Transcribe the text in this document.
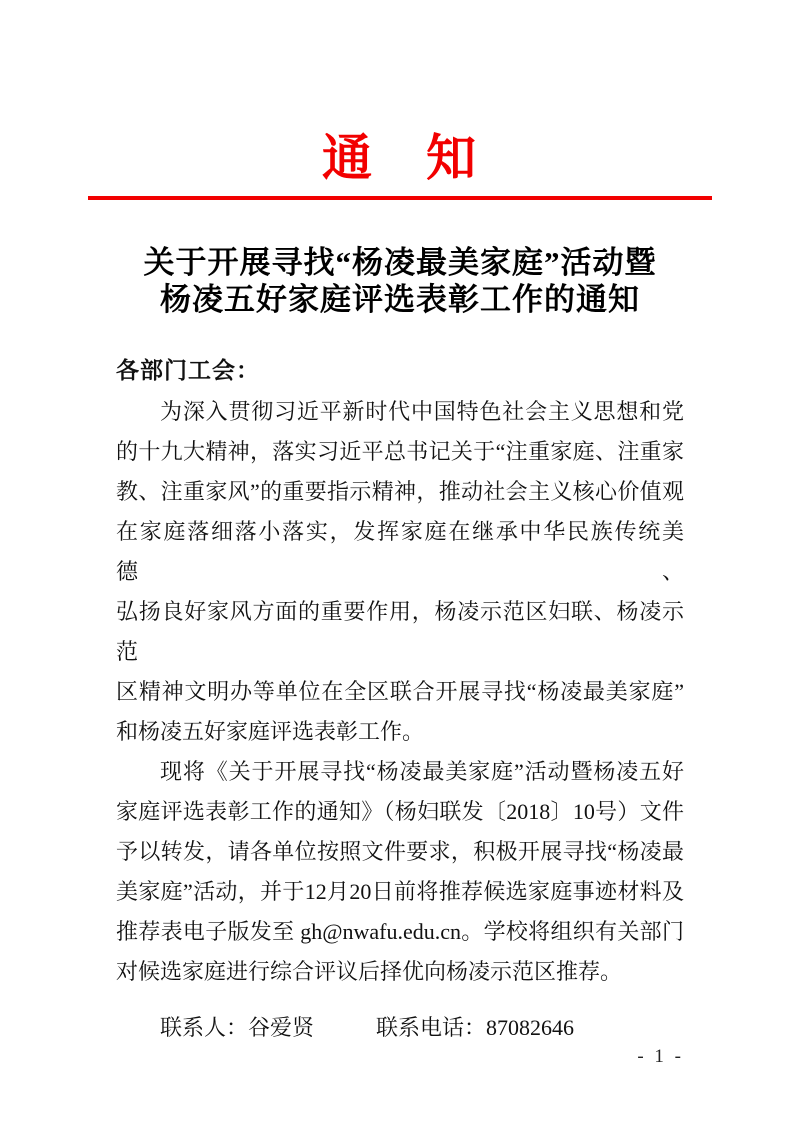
通　知
关于开展寻找“杨凌最美家庭”活动暨
杨凌五好家庭评选表彰工作的通知
各部门工会：
为深入贯彻习近平新时代中国特色社会主义思想和党
的十九大精神，落实习近平总书记关于“注重家庭、注重家
教、注重家风”的重要指示精神，推动社会主义核心价值观
在家庭落细落小落实，发挥家庭在继承中华民族传统美德、
弘扬良好家风方面的重要作用，杨凌示范区妇联、杨凌示范
区精神文明办等单位在全区联合开展寻找“杨凌最美家庭”
和杨凌五好家庭评选表彰工作。
现将《关于开展寻找“杨凌最美家庭”活动暨杨凌五好
家庭评选表彰工作的通知》（杨妇联发〔2018〕10号）文件
予以转发，请各单位按照文件要求，积极开展寻找“杨凌最
美家庭”活动，并于12月20日前将推荐候选家庭事迹材料及
推荐表电子版发至 gh@nwafu.edu.cn。学校将组织有关部门
对候选家庭进行综合评议后择优向杨凌示范区推荐。
联系人：谷爱贤	联系电话：87082646
- 1 -
